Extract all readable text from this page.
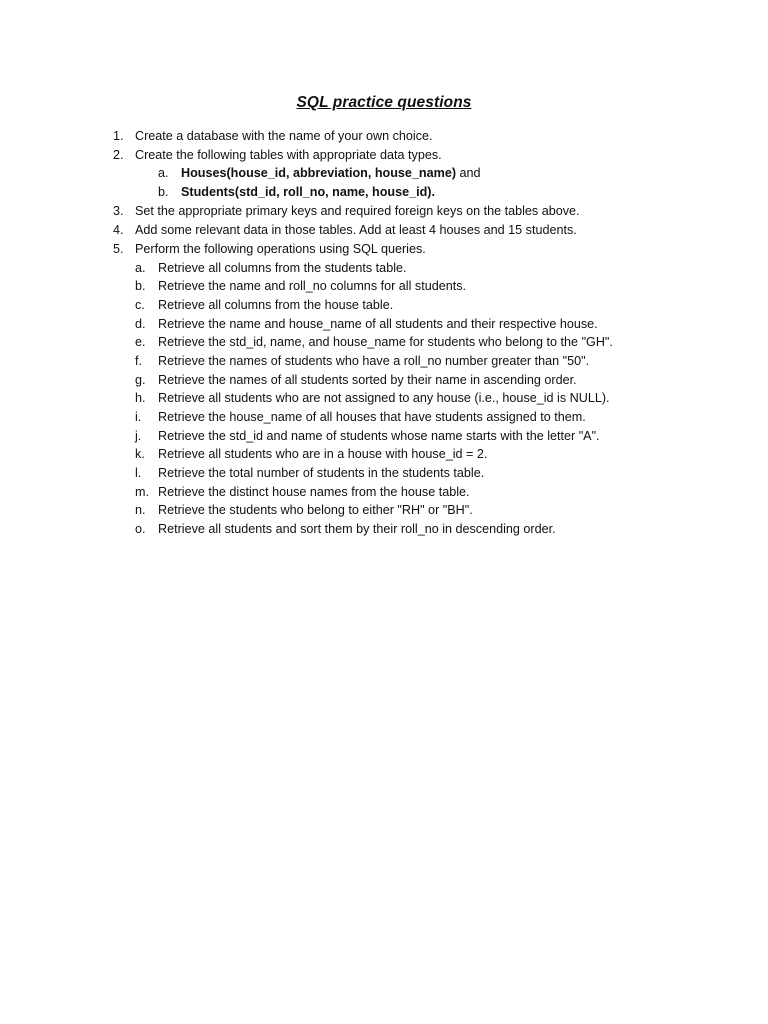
SQL practice questions
1. Create a database with the name of your own choice.
2. Create the following tables with appropriate data types.
a. Houses(house_id, abbreviation, house_name) and
b. Students(std_id, roll_no, name, house_id).
3. Set the appropriate primary keys and required foreign keys on the tables above.
4. Add some relevant data in those tables. Add at least 4 houses and 15 students.
5. Perform the following operations using SQL queries.
a. Retrieve all columns from the students table.
b. Retrieve the name and roll_no columns for all students.
c. Retrieve all columns from the house table.
d. Retrieve the name and house_name of all students and their respective house.
e. Retrieve the std_id, name, and house_name for students who belong to the "GH".
f. Retrieve the names of students who have a roll_no number greater than "50".
g. Retrieve the names of all students sorted by their name in ascending order.
h. Retrieve all students who are not assigned to any house (i.e., house_id is NULL).
i. Retrieve the house_name of all houses that have students assigned to them.
j. Retrieve the std_id and name of students whose name starts with the letter "A".
k. Retrieve all students who are in a house with house_id = 2.
l. Retrieve the total number of students in the students table.
m. Retrieve the distinct house names from the house table.
n. Retrieve the students who belong to either "RH" or "BH".
o. Retrieve all students and sort them by their roll_no in descending order.
